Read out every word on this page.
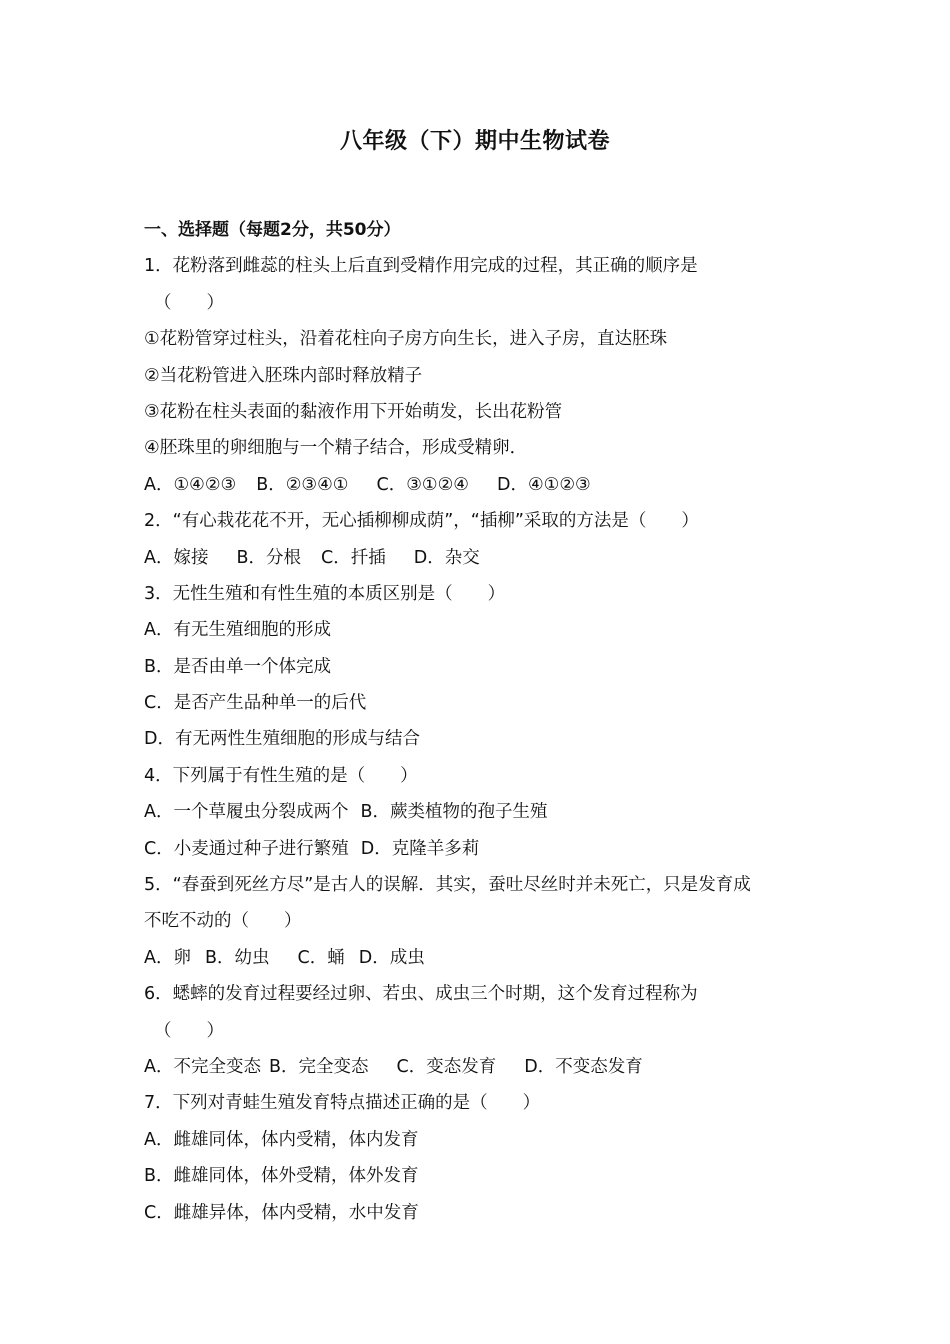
八年级（下）期中生物试卷
一、选择题（每题2分，共50分）
1．花粉落到雌蕊的柱头上后直到受精作用完成的过程，其正确的顺序是
（　　）
①花粉管穿过柱头，沿着花柱向子房方向生长，进入子房，直达胚珠
②当花粉管进入胚珠内部时释放精子
③花粉在柱头表面的黏液作用下开始萌发，长出花粉管
④胚珠里的卵细胞与一个精子结合，形成受精卵．
A．①④②③ B．②③④① C．③①②④ D．④①②③
2．“有心栽花花不开，无心插柳柳成荫”，“插柳”采取的方法是（　　）
A．嫁接 B．分根 C．扦插 D．杂交
3．无性生殖和有性生殖的本质区别是（　　）
A．有无生殖细胞的形成
B．是否由单一个体完成
C．是否产生品种单一的后代
D．有无两性生殖细胞的形成与结合
4．下列属于有性生殖的是（　　）
A．一个草履虫分裂成两个 B．蕨类植物的孢子生殖
C．小麦通过种子进行繁殖 D．克隆羊多莉
5．“春蚕到死丝方尽”是古人的误解．其实，蚕吐尽丝时并未死亡，只是发育成
不吃不动的（　　）
A．卵 B．幼虫 C．蛹 D．成虫
6．蟋蟀的发育过程要经过卵、若虫、成虫三个时期，这个发育过程称为
（　　）
A．不完全变态 B．完全变态 C．变态发育 D．不变态发育
7．下列对青蛙生殖发育特点描述正确的是（　　）
A．雌雄同体，体内受精，体内发育
B．雌雄同体，体外受精，体外发育
C．雌雄异体，体内受精，水中发育
